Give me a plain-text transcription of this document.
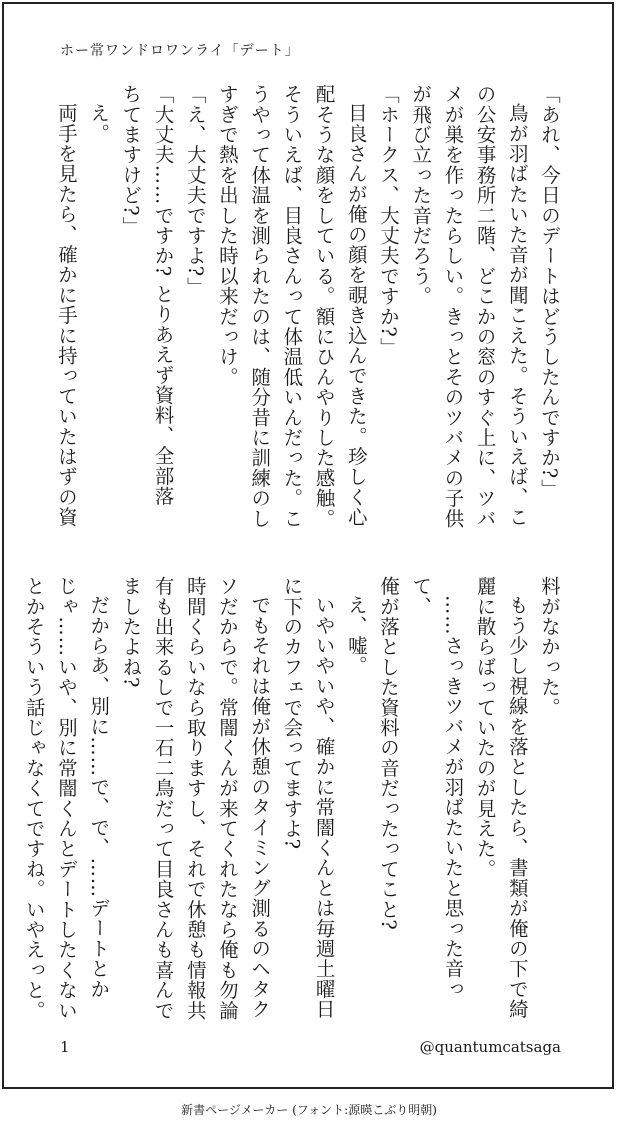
ホー常ワンドロワンライ「デート」
「あれ、今日のデートはどうしたんですか?」
鳥が羽ばたいた音が聞こえた。そういえば、こ
の公安事務所二階、どこかの窓のすぐ上に、ツバ
メが巣を作ったらしい。きっとそのツバメの子供
が飛び立った音だろう。
「ホークス、大丈夫ですか?」
目良さんが俺の顔を覗き込んできた。珍しく心
配そうな顔をしている。額にひんやりした感触。
そういえば、目良さんって体温低いんだった。こ
うやって体温を測られたのは、随分昔に訓練のし
すぎで熱を出した時以来だっけ。
「え、大丈夫ですよ?」
「大丈夫……ですか? とりあえず資料、全部落
ちてますけど?」
え。
両手を見たら、確かに手に持っていたはずの資
料がなかった。
もう少し視線を落としたら、書類が俺の下で綺
麗に散らばっていたのが見えた。
……さっきツバメが羽ばたいたと思った音って、
俺が落とした資料の音だったってこと?
え、嘘。
いやいやいや、確かに常闇くんとは毎週土曜日
に下のカフェで会ってますよ?
でもそれは俺が休憩のタイミング測るのヘタク
ソだからで。常闇くんが来てくれたなら俺も勿論
時間くらいなら取りますし、それで休憩も情報共
有も出来るしで一石二鳥だって目良さんも喜んで
ましたよね?
だからあ、別に……で、で、……デートとか
じゃ……いや、別に常闇くんとデートしたくない
とかそういう話じゃなくてですね。いやえっと。
1	@quantumcatsaga
新書ページメーカー (フォント:源暎こぶり明朝)
